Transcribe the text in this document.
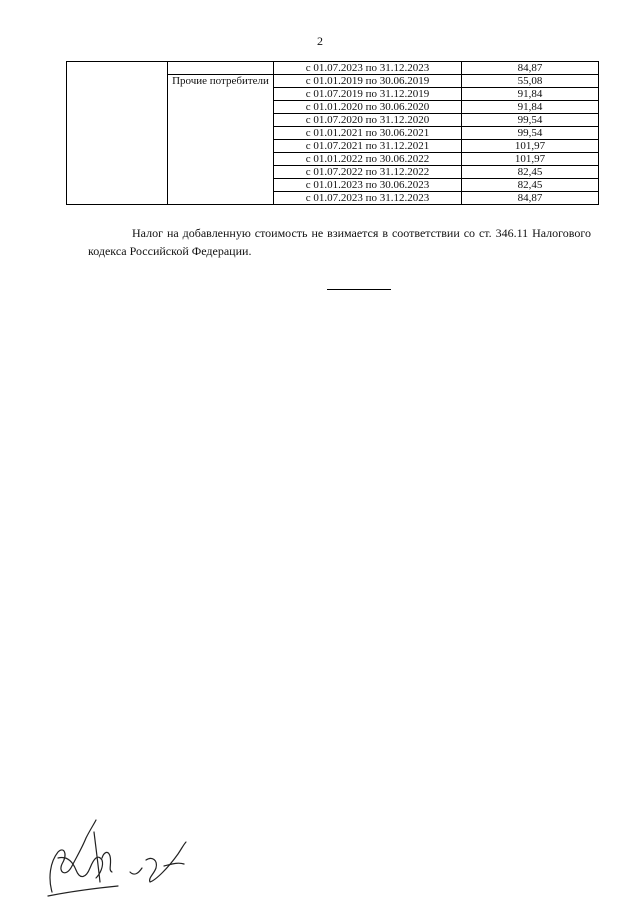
2
		с 01.07.2023 по 31.12.2023	84,87

	Прочие потребители	с 01.01.2019 по 30.06.2019	55,08
		с 01.07.2019 по 31.12.2019	91,84
		с 01.01.2020 по 30.06.2020	91,84
		с 01.07.2020 по 31.12.2020	99,54
		с 01.01.2021 по 30.06.2021	99,54
		с 01.07.2021 по 31.12.2021	101,97
		с 01.01.2022 по 30.06.2022	101,97
		с 01.07.2022 по 31.12.2022	82,45
		с 01.01.2023 по 30.06.2023	82,45
		с 01.07.2023 по 31.12.2023	84,87
Налог на добавленную стоимость не взимается в соответствии со ст. 346.11 Налогового кодекса Российской Федерации.
